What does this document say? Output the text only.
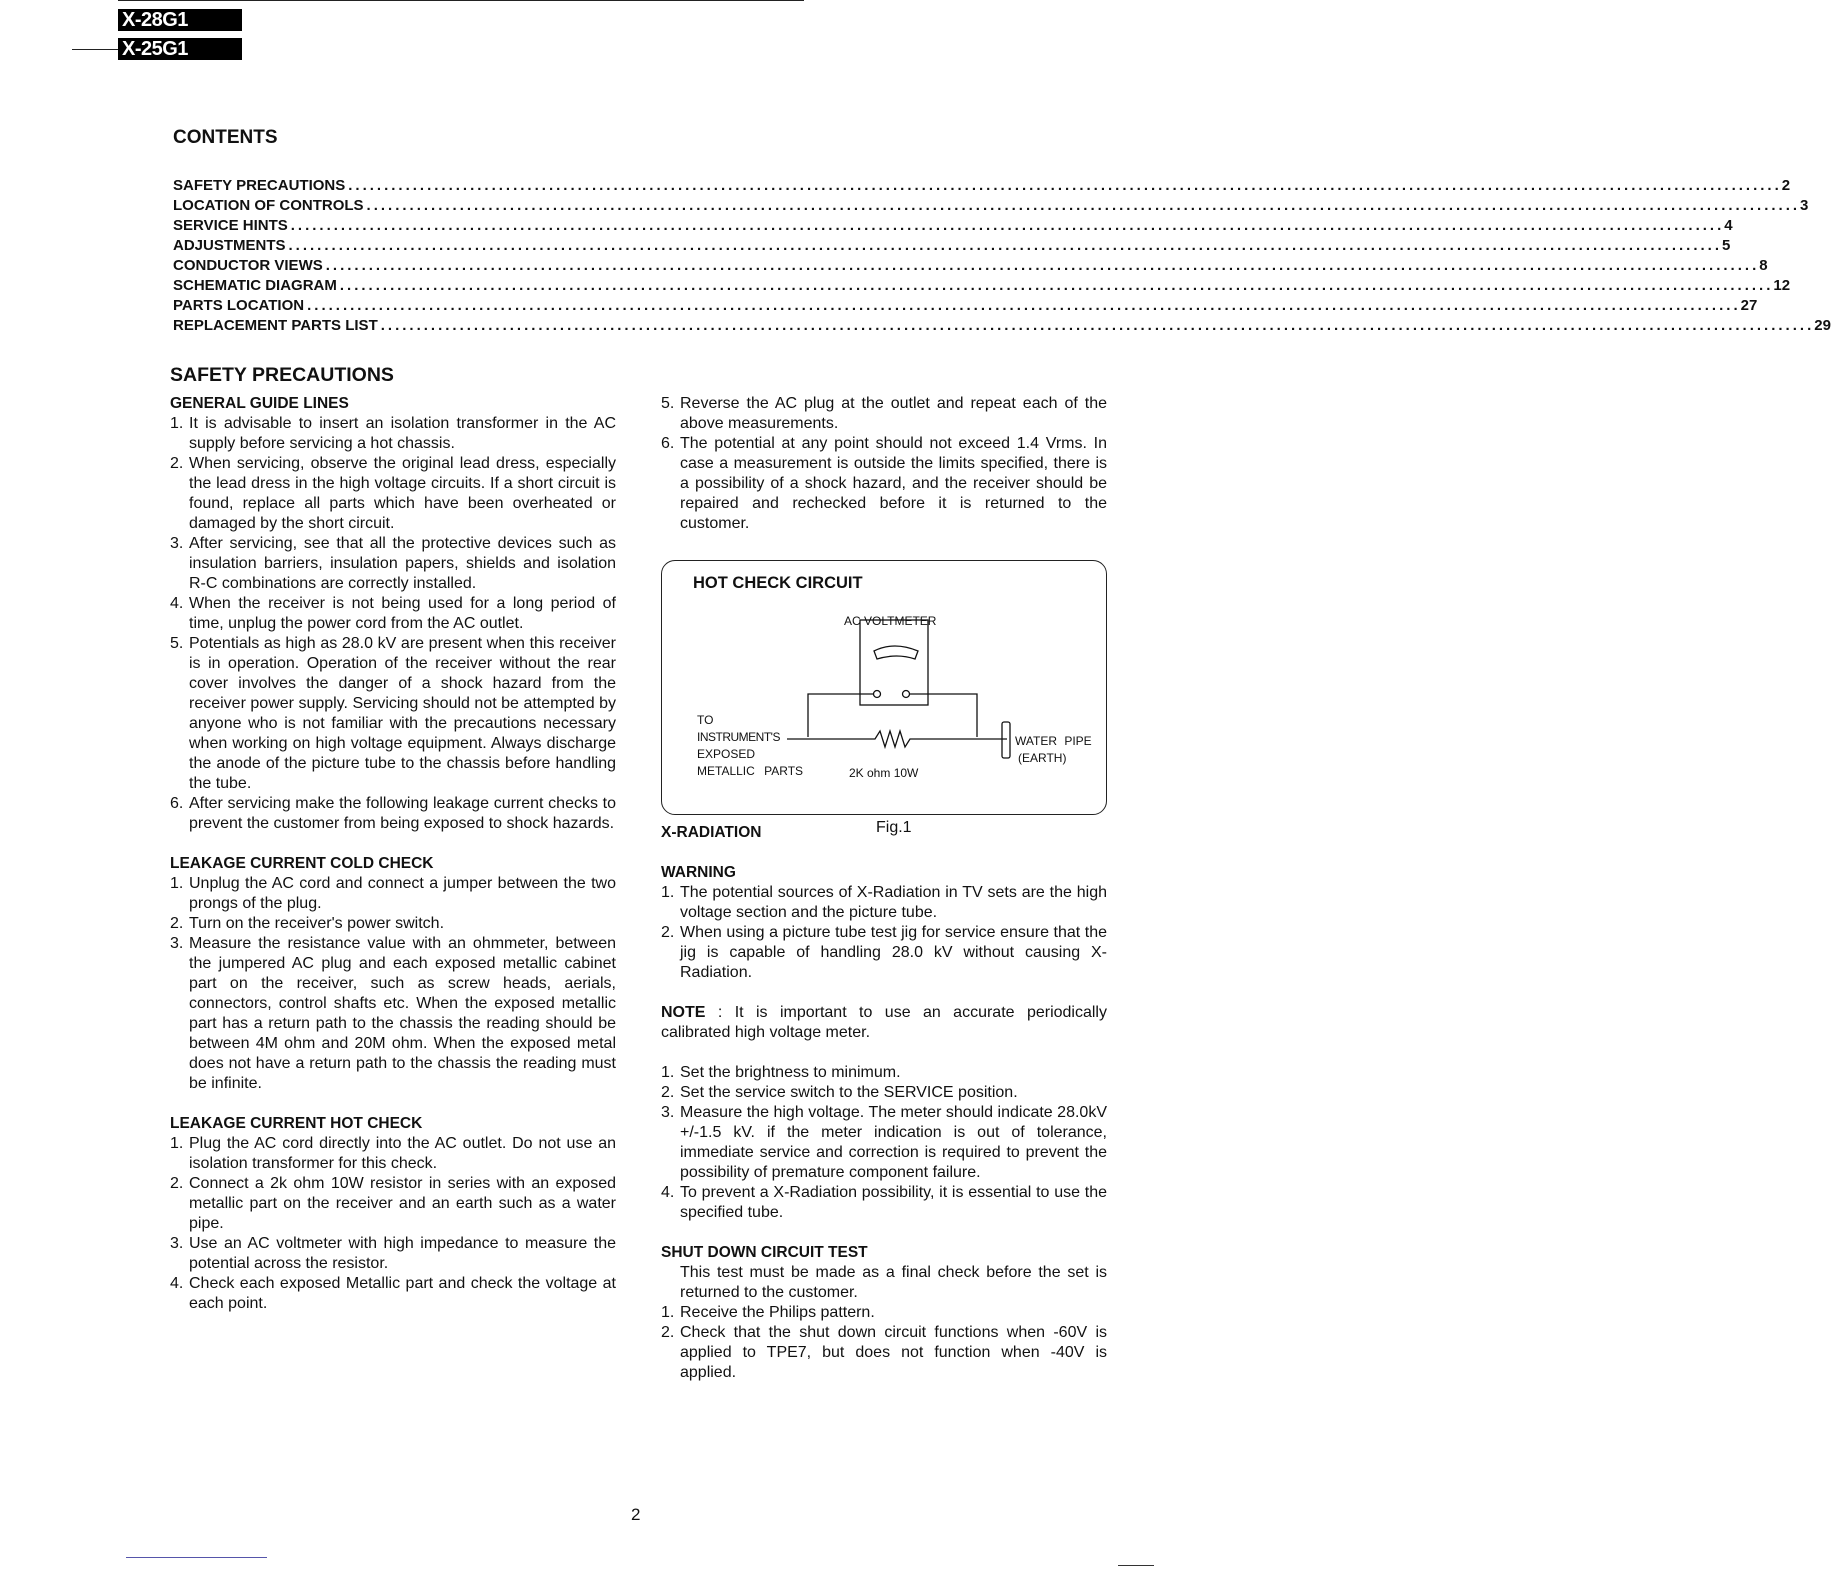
X-28G1
X-25G1
CONTENTS
SAFETY PRECAUTIONS ........................................................................................................................................................................................................ 2
LOCATION OF CONTROLS ........................................................................................................................................................................................................ 3
SERVICE HINTS ........................................................................................................................................................................................................ 4
ADJUSTMENTS ........................................................................................................................................................................................................ 5
CONDUCTOR VIEWS ........................................................................................................................................................................................................ 8
SCHEMATIC DIAGRAM ........................................................................................................................................................................................................ 12
PARTS LOCATION ........................................................................................................................................................................................................ 27
REPLACEMENT PARTS LIST ........................................................................................................................................................................................................ 29
SAFETY PRECAUTIONS
GENERAL GUIDE LINES
1. It is advisable to insert an isolation transformer in the AC supply before servicing a hot chassis.
2. When servicing, observe the original lead dress, especially the lead dress in the high voltage circuits. If a short circuit is found, replace all parts which have been overheated or damaged by the short circuit.
3. After servicing, see that all the protective devices such as insulation barriers, insulation papers, shields and isolation R-C combinations are correctly installed.
4. When the receiver is not being used for a long period of time, unplug the power cord from the AC outlet.
5. Potentials as high as 28.0 kV are present when this receiver is in operation. Operation of the receiver without the rear cover involves the danger of a shock hazard from the receiver power supply. Servicing should not be attempted by anyone who is not familiar with the precautions necessary when working on high voltage equipment. Always discharge the anode of the picture tube to the chassis before handling the tube.
6. After servicing make the following leakage current checks to prevent the customer from being exposed to shock hazards.
LEAKAGE CURRENT COLD CHECK
1. Unplug the AC cord and connect a jumper between the two prongs of the plug.
2. Turn on the receiver's power switch.
3. Measure the resistance value with an ohmmeter, between the jumpered AC plug and each exposed metallic cabinet part on the receiver, such as screw heads, aerials, connectors, control shafts etc. When the exposed metallic part has a return path to the chassis the reading should be between 4M ohm and 20M ohm. When the exposed metal does not have a return path to the chassis the reading must be infinite.
LEAKAGE CURRENT HOT CHECK
1. Plug the AC cord directly into the AC outlet. Do not use an isolation transformer for this check.
2. Connect a 2k ohm 10W resistor in series with an exposed metallic part on the receiver and an earth such as a water pipe.
3. Use an AC voltmeter with high impedance to measure the potential across the resistor.
4. Check each exposed Metallic part and check the voltage at each point.
5. Reverse the AC plug at the outlet and repeat each of the above measurements.
6. The potential at any point should not exceed 1.4 Vrms. In case a measurement is outside the limits specified, there is a possibility of a shock hazard, and the receiver should be repaired and rechecked before it is returned to the customer.
HOT CHECK CIRCUIT
AC VOLTMETER
TO
INSTRUMENT'S
EXPOSED
METALLIC PARTS	2K ohm 10W
WATER PIPE
(EARTH)
X-RADIATION	Fig.1
WARNING
1. The potential sources of X-Radiation in TV sets are the high voltage section and the picture tube.
2. When using a picture tube test jig for service ensure that the jig is capable of handling 28.0 kV without causing X-Radiation.
NOTE : It is important to use an accurate periodically calibrated high voltage meter.
1. Set the brightness to minimum.
2. Set the service switch to the SERVICE position.
3. Measure the high voltage. The meter should indicate 28.0kV +/-1.5 kV. if the meter indication is out of tolerance, immediate service and correction is required to prevent the possibility of premature component failure.
4. To prevent a X-Radiation possibility, it is essential to use the specified tube.
SHUT DOWN CIRCUIT TEST
This test must be made as a final check before the set is returned to the customer.
1. Receive the Philips pattern.
2. Check that the shut down circuit functions when -60V is applied to TPE7, but does not function when -40V is applied.
2
